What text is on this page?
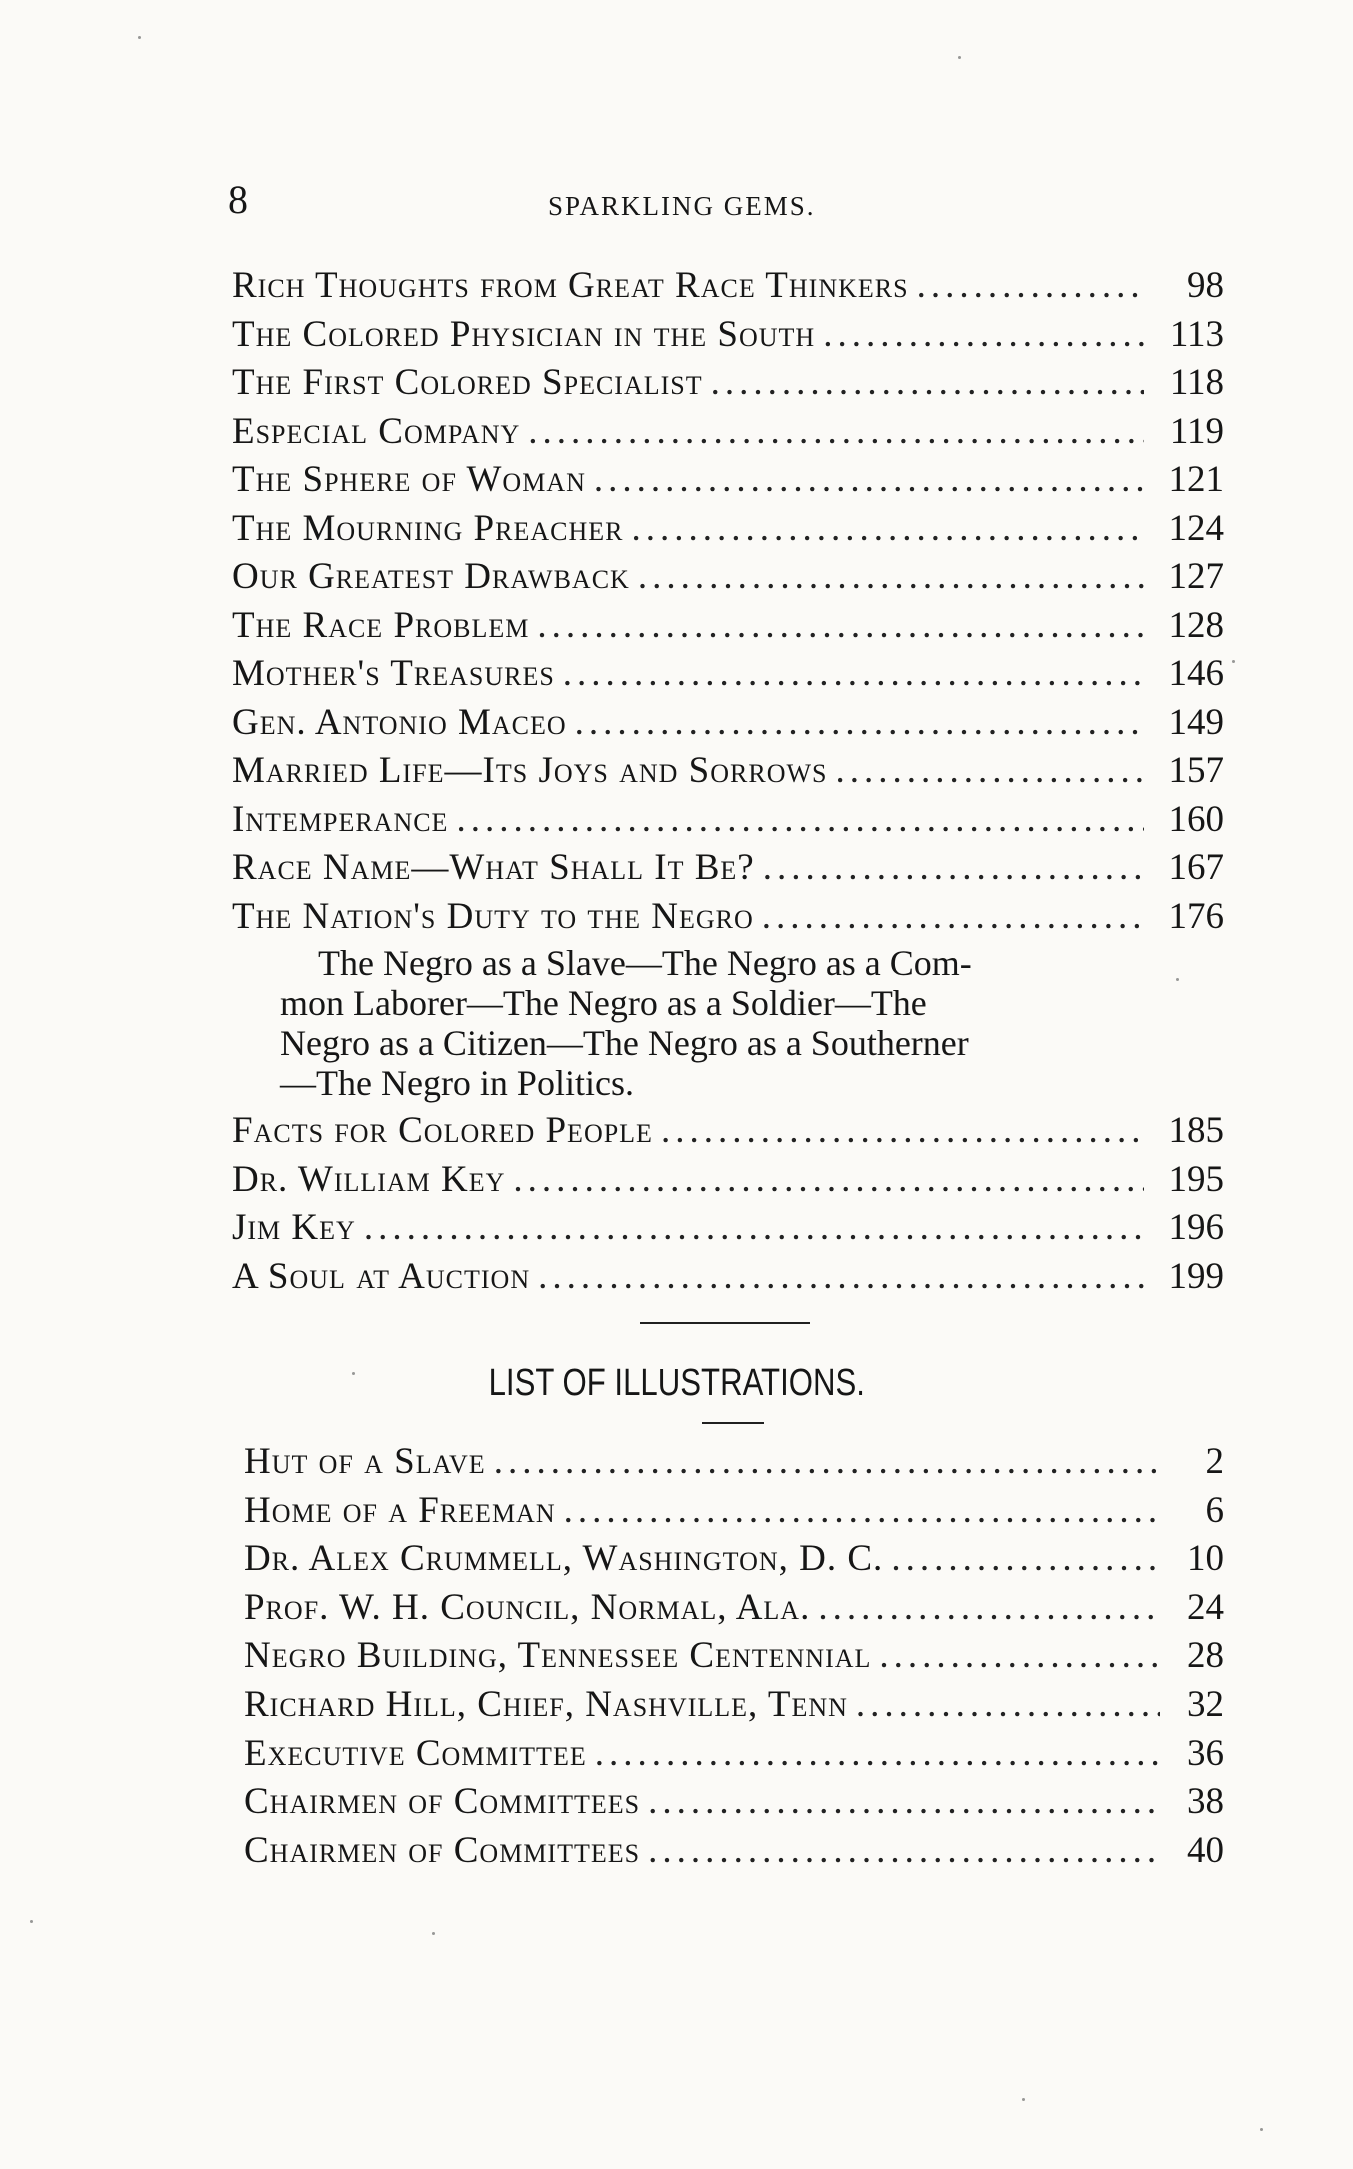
8	SPARKLING GEMS.
Rich Thoughts from Great Race Thinkers .....	98
The Colored Physician in the South .....	113
The First Colored Specialist .....	118
Especial Company .....	119
The Sphere of Woman .....	121
The Mourning Preacher .....	124
Our Greatest Drawback .....	127
The Race Problem .....	128
Mother's Treasures .....	146
Gen. Antonio Maceo .....	149
Married Life—Its Joys and Sorrows .....	157
Intemperance .....	160
Race Name—What Shall It Be? .....	167
The Nation's Duty to the Negro .....	176
The Negro as a Slave—The Negro as a Com-
mon Laborer—The Negro as a Soldier—The
Negro as a Citizen—The Negro as a Southerner
—The Negro in Politics.
Facts for Colored People .....	185
Dr. William Key .....	195
Jim Key .....	196
A Soul at Auction .....	199
LIST OF ILLUSTRATIONS.
Hut of a Slave .....	2
Home of a Freeman .....	6
Dr. Alex Crummell, Washington, D. C. .....	10
Prof. W. H. Council, Normal, Ala. .....	24
Negro Building, Tennessee Centennial .....	28
Richard Hill, Chief, Nashville, Tenn .....	32
Executive Committee .....	36
Chairmen of Committees .....	38
Chairmen of Committees .....	40
